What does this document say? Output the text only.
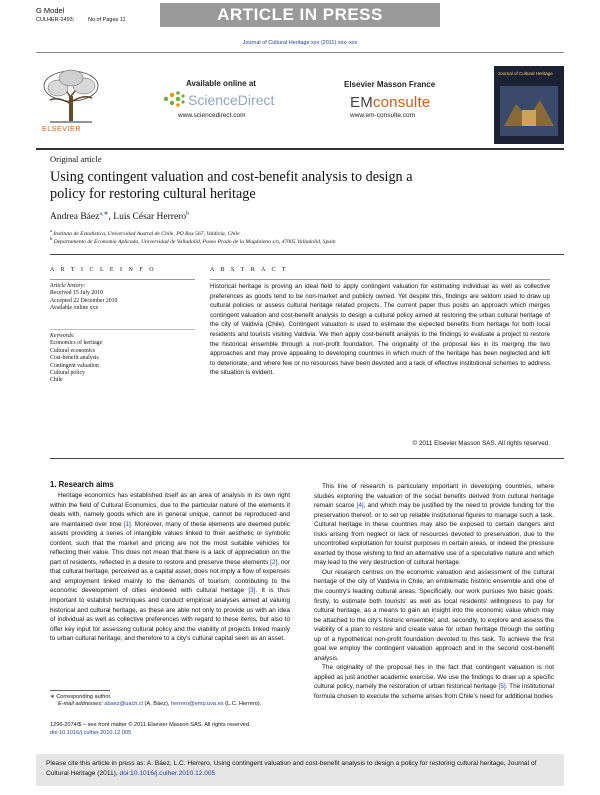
G Model
CULHER-2493;	No.of Pages 11	ARTICLE IN PRESS
Journal of Cultural Heritage xxx (2011) xxx–xxx
ELSEVIER
Available online at
ScienceDirect
www.sciencedirect.com
Elsevier Masson France
EMconsulte
www.em-consulte.com
Journal of Cultural Heritage
Original article
Using contingent valuation and cost-benefit analysis to design a policy for restoring cultural heritage
Andrea Báez$^{a,∗}$, Luis César Herrero$^b$
$^a$ Instituto de Estadística, Universidad Austral de Chile, PO Box 567, Valdivia, Chile
$^b$ Departamento de Economía Aplicada, Universidad de Valladolid, Paseo Prado de la Magdalena s/n, 47005 Valladolid, Spain
A R T I C L E I N F O
Article history:
Received 15 July 2010
Accepted 22 December 2010
Available online xxx
Keywords:
Economics of heritage
Cultural economics
Cost-benefit analysis
Contingent valuation
Cultural policy
Chile
A B S T R A C T
Historical heritage is proving an ideal field to apply contingent valuation for estimating individual as well as collective preferences as goods tend to be non-market and publicly owned. Yet despite this, findings are seldom used to draw up cultural policies or assess cultural heritage related projects. The current paper thus posits an approach which merges contingent valuation and cost-benefit analysis to design a cultural policy aimed at restoring the urban cultural heritage of the city of Valdivia (Chile). Contingent valuation is used to estimate the expected benefits from heritage for both local residents and tourists visiting Valdivia. We then apply cost-benefit analysis to the findings to evaluate a project to restore the historical ensemble through a non-profit foundation. The originality of the proposal lies in its merging the two approaches and may prove appealing to developing countries in which much of the heritage has been neglected and left to deteriorate, and where few or no resources have been devoted and a lack of effective institutional schemes to address the situation is evident.
© 2011 Elsevier Masson SAS. All rights reserved.
1. Research aims

Heritage economics has established itself as an area of analysis in its own right within the field of Cultural Economics, due to the particular nature of the elements it deals with, namely goods which are in general unique, cannot be reproduced and are maintained over time [1]. Moreover, many of these elements are deemed public assets providing a series of intangible values linked to their aesthetic or symbolic content, such that the market and pricing are not the most suitable vehicles for reflecting their value. This does not mean that there is a lack of appreciation on the part of residents, reflected in a desire to restore and preserve these elements [2], nor that cultural heritage, perceived as a capital asset, does not imply a flow of expenses and employment linked mainly to the demands of tourism, contributing to the economic development of cities endowed with cultural heritage [3]. It is thus important to establish techniques and conduct empirical analyses aimed at valuing historical and cultural heritage, as these are able not only to provide us with an idea of individual as well as collective preferences with regard to these items, but also to offer key input for assessing cultural policy and the viability of projects linked mainly to urban cultural heritage, and therefore to a city's cultural capital seen as an asset.

This line of research is particularly important in developing countries, where studies exploring the valuation of the social benefits derived from cultural heritage remain scarce [4], and which may be justified by the need to provide funding for the preservation thereof, or to set up reliable institutional figures to manage such a task. Cultural heritage in these countries may also be exposed to certain dangers and risks arising from neglect or lack of resources devoted to preservation, due to the uncontrolled exploitation for tourist purposes in certain areas, or indeed the pressure exerted by those wishing to find an alternative use of a speculative nature and which may lead to the very destruction of cultural heritage.

Our research centres on the economic valuation and assessment of the cultural heritage of the city of Valdivia in Chile, an emblematic historic ensemble and one of the country's leading cultural areas. Specifically, our work pursues two basic goals: firstly, to estimate both tourists' as well as local residents' willingness to pay for cultural heritage, as a means to gain an insight into the economic value which may be attached to the city's historic ensemble; and, secondly, to explore and assess the viability of a plan to restore and create value for urban heritage through the setting up of a hypothetical non-profit foundation devoted to this task. To achieve the first goal we employ the contingent valuation approach and in the second cost-benefit analysis.

The originality of the proposal lies in the fact that contingent valuation is not applied as just another academic exercise. We use the findings to draw up a specific cultural policy, namely the restoration of urban historical heritage [5]. The institutional formula chosen to execute the scheme arises from Chile's need for additional bodies

∗ Corresponding author.
E-mail addresses: abaez@uach.cl (A. Báez), herrero@emp.uva.es (L.C. Herrero).
1296-2074/$ – see front matter © 2011 Elsevier Masson SAS. All rights reserved.
doi:10.1016/j.culher.2010.12.005
Please cite this article in press as: A. Báez, L.C. Herrero, Using contingent valuation and cost-benefit analysis to design a policy for restoring cultural heritage, Journal of Cultural Heritage (2011), doi:10.1016/j.culher.2010.12.005
